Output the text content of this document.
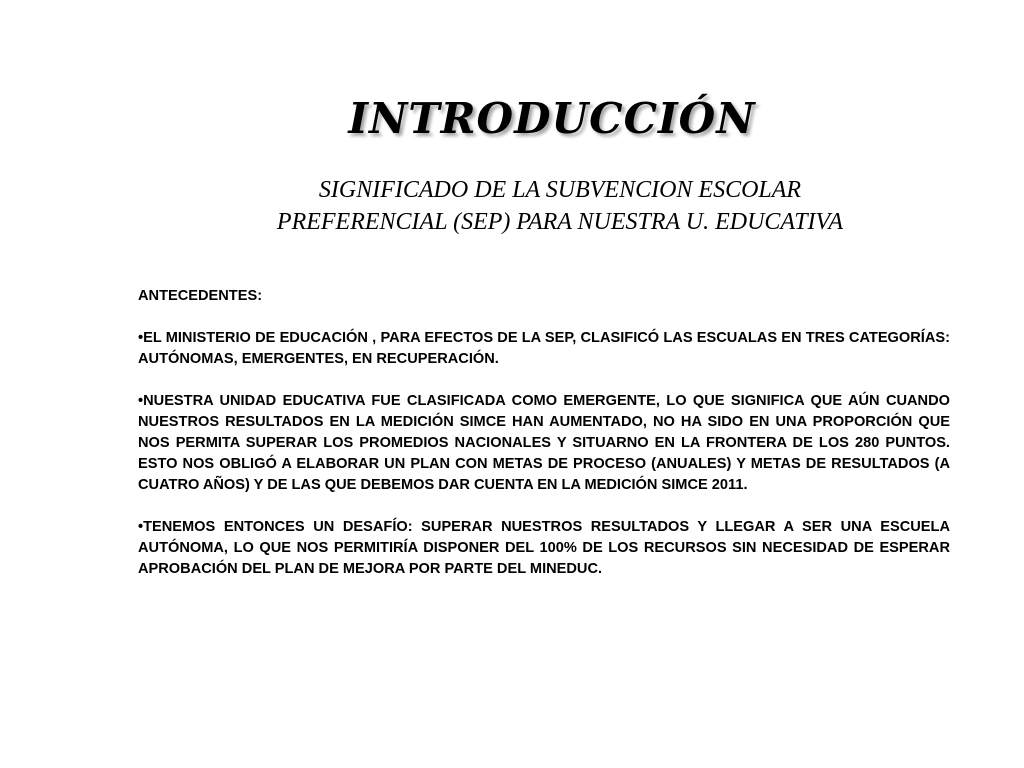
INTRODUCCIÓN
SIGNIFICADO DE LA SUBVENCION ESCOLAR
PREFERENCIAL (SEP) PARA NUESTRA U. EDUCATIVA

ANTECEDENTES:

•EL MINISTERIO DE EDUCACIÓN , PARA EFECTOS DE LA SEP, CLASIFICÓ LAS ESCUALAS EN TRES CATEGORÍAS: AUTÓNOMAS, EMERGENTES, EN RECUPERACIÓN.

•NUESTRA UNIDAD EDUCATIVA FUE CLASIFICADA COMO EMERGENTE, LO QUE SIGNIFICA QUE AÚN CUANDO NUESTROS RESULTADOS EN LA MEDICIÓN SIMCE HAN AUMENTADO, NO HA SIDO EN UNA PROPORCIÓN QUE NOS PERMITA SUPERAR LOS PROMEDIOS NACIONALES Y SITUARNO EN LA FRONTERA DE LOS 280 PUNTOS. ESTO NOS OBLIGÓ A ELABORAR UN PLAN CON METAS DE PROCESO (ANUALES) Y METAS DE RESULTADOS (A CUATRO AÑOS) Y DE LAS QUE DEBEMOS DAR CUENTA EN LA MEDICIÓN SIMCE 2011.

•TENEMOS ENTONCES UN DESAFÍO: SUPERAR NUESTROS RESULTADOS Y LLEGAR A SER UNA ESCUELA AUTÓNOMA, LO QUE NOS PERMITIRÍA DISPONER DEL 100% DE LOS RECURSOS SIN NECESIDAD DE ESPERAR APROBACIÓN DEL PLAN DE MEJORA POR PARTE DEL MINEDUC.
